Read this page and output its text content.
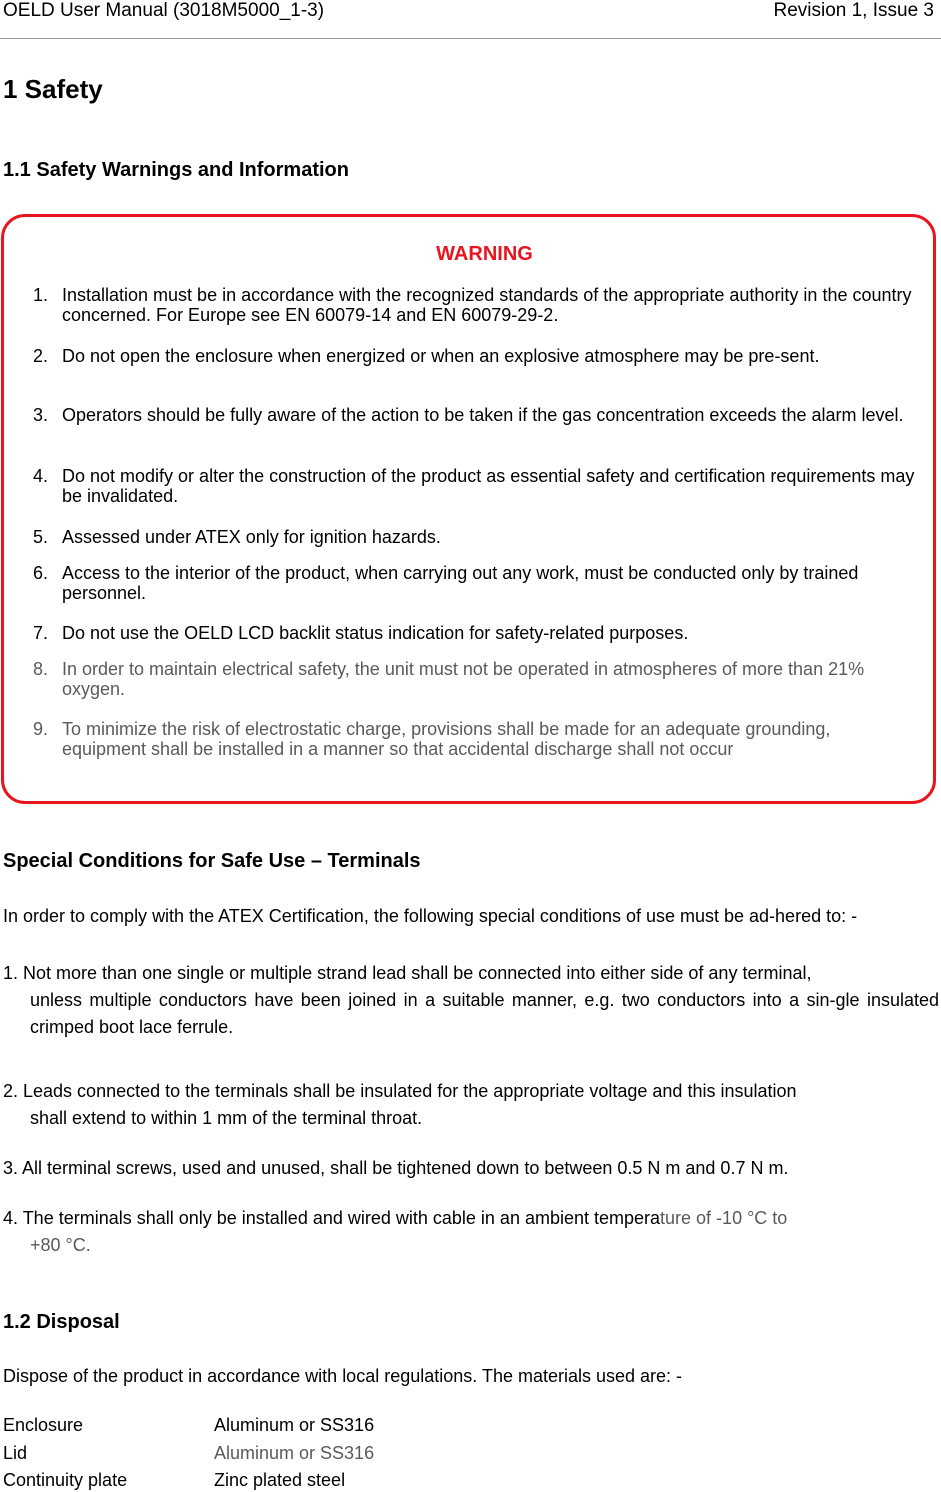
OELD User Manual (3018M5000_1-3)	Revision 1, Issue 3
1 Safety
1.1 Safety Warnings and Information
WARNING
1. Installation must be in accordance with the recognized standards of the appropriate authority in the country concerned. For Europe see EN 60079-14 and EN 60079-29-2.
2. Do not open the enclosure when energized or when an explosive atmosphere may be pre-sent.
3. Operators should be fully aware of the action to be taken if the gas concentration exceeds the alarm level.
4. Do not modify or alter the construction of the product as essential safety and certification requirements may be invalidated.
5. Assessed under ATEX only for ignition hazards.
6. Access to the interior of the product, when carrying out any work, must be conducted only by trained personnel.
7. Do not use the OELD LCD backlit status indication for safety-related purposes.
8. In order to maintain electrical safety, the unit must not be operated in atmospheres of more than 21% oxygen.
9. To minimize the risk of electrostatic charge, provisions shall be made for an adequate grounding, equipment shall be installed in a manner so that accidental discharge shall not occur
Special Conditions for Safe Use – Terminals
In order to comply with the ATEX Certification, the following special conditions of use must be ad-hered to: -
1. Not more than one single or multiple strand lead shall be connected into either side of any terminal,
unless multiple conductors have been joined in a suitable manner, e.g. two conductors into a sin-gle insulated crimped boot lace ferrule.
2. Leads connected to the terminals shall be insulated for the appropriate voltage and this insulation
shall extend to within 1 mm of the terminal throat.
3. All terminal screws, used and unused, shall be tightened down to between 0.5 N m and 0.7 N m.
4. The terminals shall only be installed and wired with cable in an ambient temperature of -10 °C to
+80 °C.
1.2 Disposal
Dispose of the product in accordance with local regulations. The materials used are: -
Enclosure	Aluminum or SS316
Lid	Aluminum or SS316
Continuity plate	Zinc plated steel
